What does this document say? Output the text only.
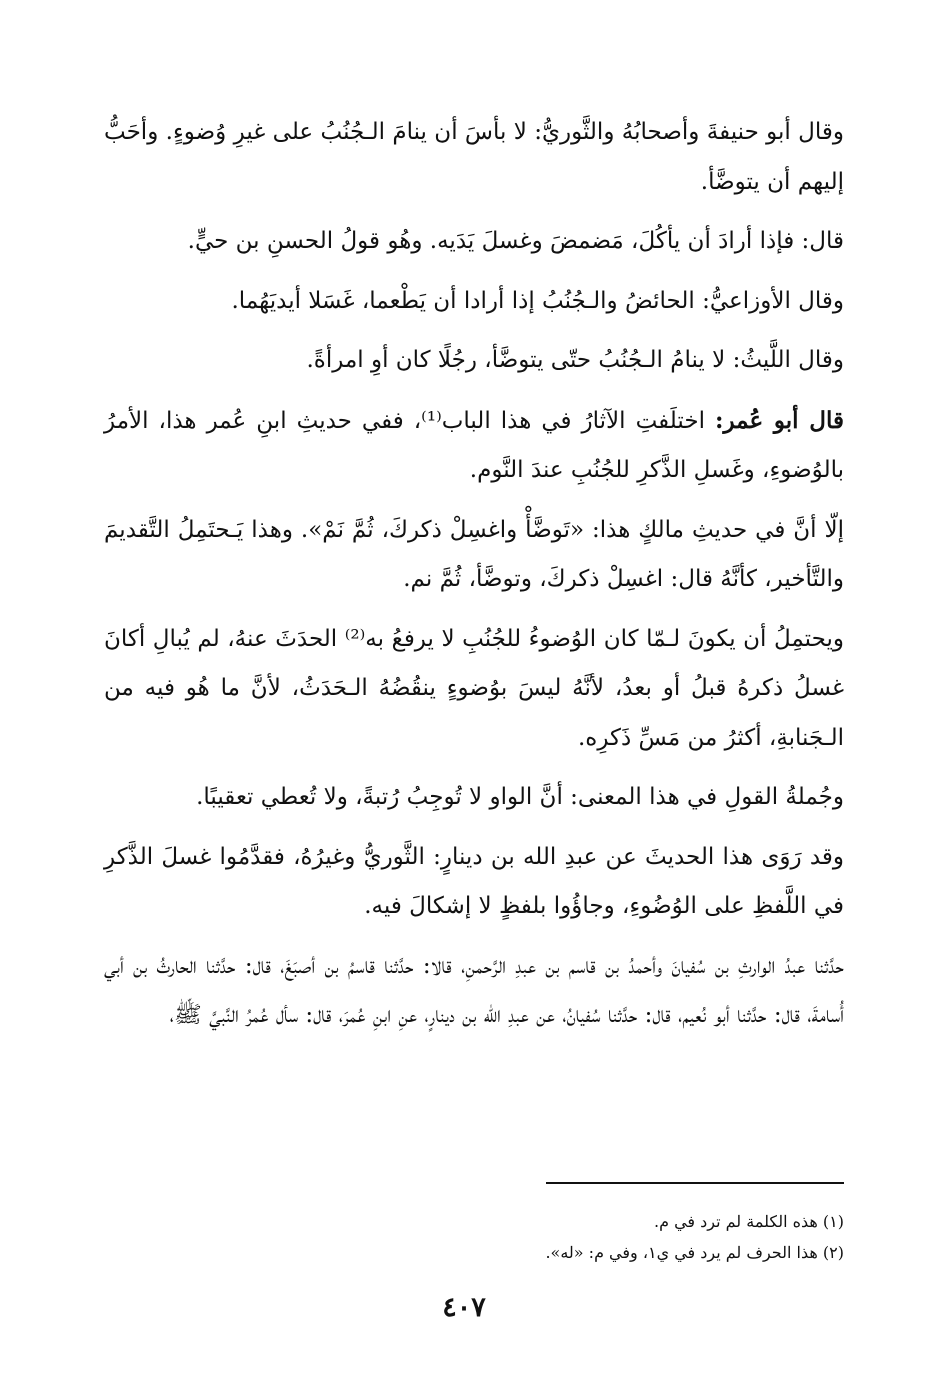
وقال أبو حنيفةَ وأصحابُهُ والثَّوريُّ: لا بأسَ أن ينامَ الـجُنُبُ على غيرِ وُضوءٍ. وأحَبُّ إليهم أن يتوضَّأ.

قال: فإذا أرادَ أن يأكُلَ، مَضمضَ وغسلَ يَدَيه. وهُو قولُ الحسنِ بن حيٍّ.

وقال الأوزاعيُّ: الحائضُ والـجُنُبُ إذا أرادا أن يَطْعما، غَسَلا أيديَهُما.

وقال اللَّيثُ: لا ينامُ الـجُنُبُ حتّى يتوضَّأ، رجُلًا كان أوِ امرأةً.

قال أبو عُمر: اختلَفتِ الآثارُ في هذا الباب⁽¹⁾، ففي حديثِ ابنِ عُمر هذا، الأمرُ بالوُضوءِ، وغَسلِ الذَّكرِ للجُنُبِ عندَ النَّوم.

إلّا أنَّ في حديثِ مالكٍ هذا: «تَوضَّأْ واغسِلْ ذكركَ، ثُمَّ نَمْ». وهذا يَـحتَمِلُ التَّقديمَ والتَّأخير، كأنَّهُ قال: اغسِلْ ذكركَ، وتوضَّأ، ثُمَّ نم.

ويحتمِلُ أن يكونَ لـمّا كان الوُضوءُ للجُنُبِ لا يرفعُ به⁽²⁾ الحدَثَ عنهُ، لم يُبالِ أكانَ غسلُ ذكرهُ قبلُ أو بعدُ، لأنَّهُ ليسَ بوُضوءٍ ينقُضُهُ الـحَدَثُ، لأنَّ ما هُو فيه من الـجَنابةِ، أكثرُ من مَسِّ ذَكرِه.

وجُملةُ القولِ في هذا المعنى: أنَّ الواو لا تُوجِبُ رُتبةً، ولا تُعطي تعقيبًا.

وقد رَوَى هذا الحديثَ عن عبدِ الله بن دينارٍ: الثَّوريُّ وغيرُهُ، فقدَّمُوا غسلَ الذَّكرِ في اللَّفظِ على الوُضُوءِ، وجاؤُوا بلفظٍ لا إشكالَ فيه.

حدَّثنا عبدُ الوارثِ بن سُفيانَ وأحمدُ بن قاسم بن عبدِ الرَّحمنِ، قالا: حدَّثنا قاسمُ بن أصبَغَ، قال: حدَّثنا الحارثُ بن أبي أُسامةَ، قال: حدَّثنا أبو نُعيم، قال: حدَّثنا سُفيانُ، عن عبدِ الله بن دينارٍ، عنِ ابنِ عُمرَ، قال: سأل عُمرُ النَّبيَّ ﷺ،

(١) هذه الكلمة لم ترد في م.

(٢) هذا الحرف لم يرد في ي١، وفي م: «له».

٤٠٧
